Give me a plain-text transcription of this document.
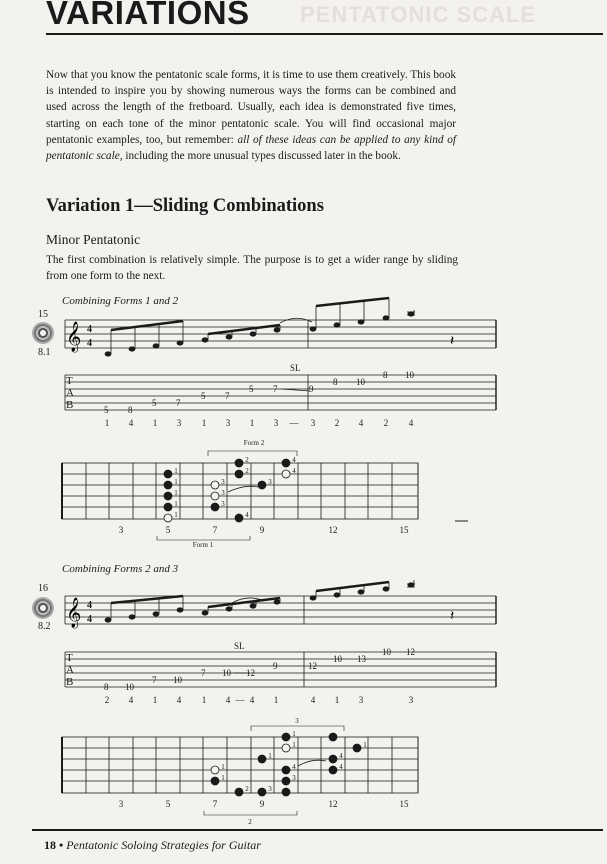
VARIATIONS PENTATONIC SCALE

Now that you know the pentatonic scale forms, it is time to use them creatively. This book is intended to inspire you by showing numerous ways the forms can be combined and used across the length of the fretboard. Usually, each idea is demonstrated five times, starting on each tone of the minor pentatonic scale. You will find occasional major pentatonic examples, too, but remember: all of these ideas can be applied to any kind of pentatonic scale, including the more unusual types discussed later in the book.

Variation 1—Sliding Combinations
Minor Pentatonic

The first combination is relatively simple. The purpose is to get a wider range by sliding from one form to the next.

Combining Forms 1 and 2
15
8.1
𝄞 4
4	𝄽
T
A
B
SL
5 8
5 7
5 7
5 7	9
8 10
8 10
1 4 1 3 1 3 1 3 — 3 2 4 2 4
Form 2
1
1
1
1
1
3
3
3
2
2
4
3
4
4
3	5	7	9	12	15
Form 1
Combining Forms 2 and 3
16
8.2 𝄞 4
4	𝄽
T
A
B
SL
8 10
7 10
7 10 12
9	12
10 13
10 12
2 4 1 4 1 4 — 4 1	4 1 3	3
3
1
1
2
1
3
4
1
1
4
3
4
1
3	5	7	9	12	15
2
18 • Pentatonic Soloing Strategies for Guitar
